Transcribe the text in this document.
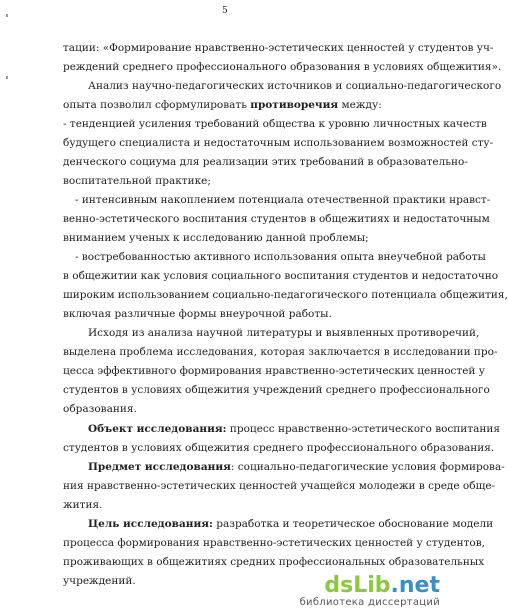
5
тации: «Формирование нравственно-эстетических ценностей у студентов уч-
реждений среднего профессионального образования в условиях общежития».
Анализ научно-педагогических источников и социально-педагогического
опыта позволил сформулировать противоречия между:
- тенденцией усиления требований общества к уровню личностных качеств
будущего специалиста и недостаточным использованием возможностей сту-
денческого социума для реализации этих требований в образовательно-
воспитательной практике;
- интенсивным накоплением потенциала отечественной практики нравст-
венно-эстетического воспитания студентов в общежитиях и недостаточным
вниманием ученых к исследованию данной проблемы;
- востребованностью активного использования опыта внеучебной работы
в общежитии как условия социального воспитания студентов и недостаточно
широким использованием социально-педагогического потенциала общежития,
включая различные формы внеурочной работы.
Исходя из анализа научной литературы и выявленных противоречий,
выделена проблема исследования, которая заключается в исследовании про-
цесса эффективного формирования нравственно-эстетических ценностей у
студентов в условиях общежития учреждений среднего профессионального
образования.
Объект исследования: процесс нравственно-эстетического воспитания
студентов в условиях общежития среднего профессионального образования.
Предмет исследования: социально-педагогические условия формирова-
ния нравственно-эстетических ценностей учащейся молодежи в среде обще-
жития.
Цель исследования: разработка и теоретическое обоснование модели
процесса формирования нравственно-эстетических ценностей у студентов,
проживающих в общежитиях средних профессиональных образовательных
учреждений.	dsLib.net
библиотека диссертаций
